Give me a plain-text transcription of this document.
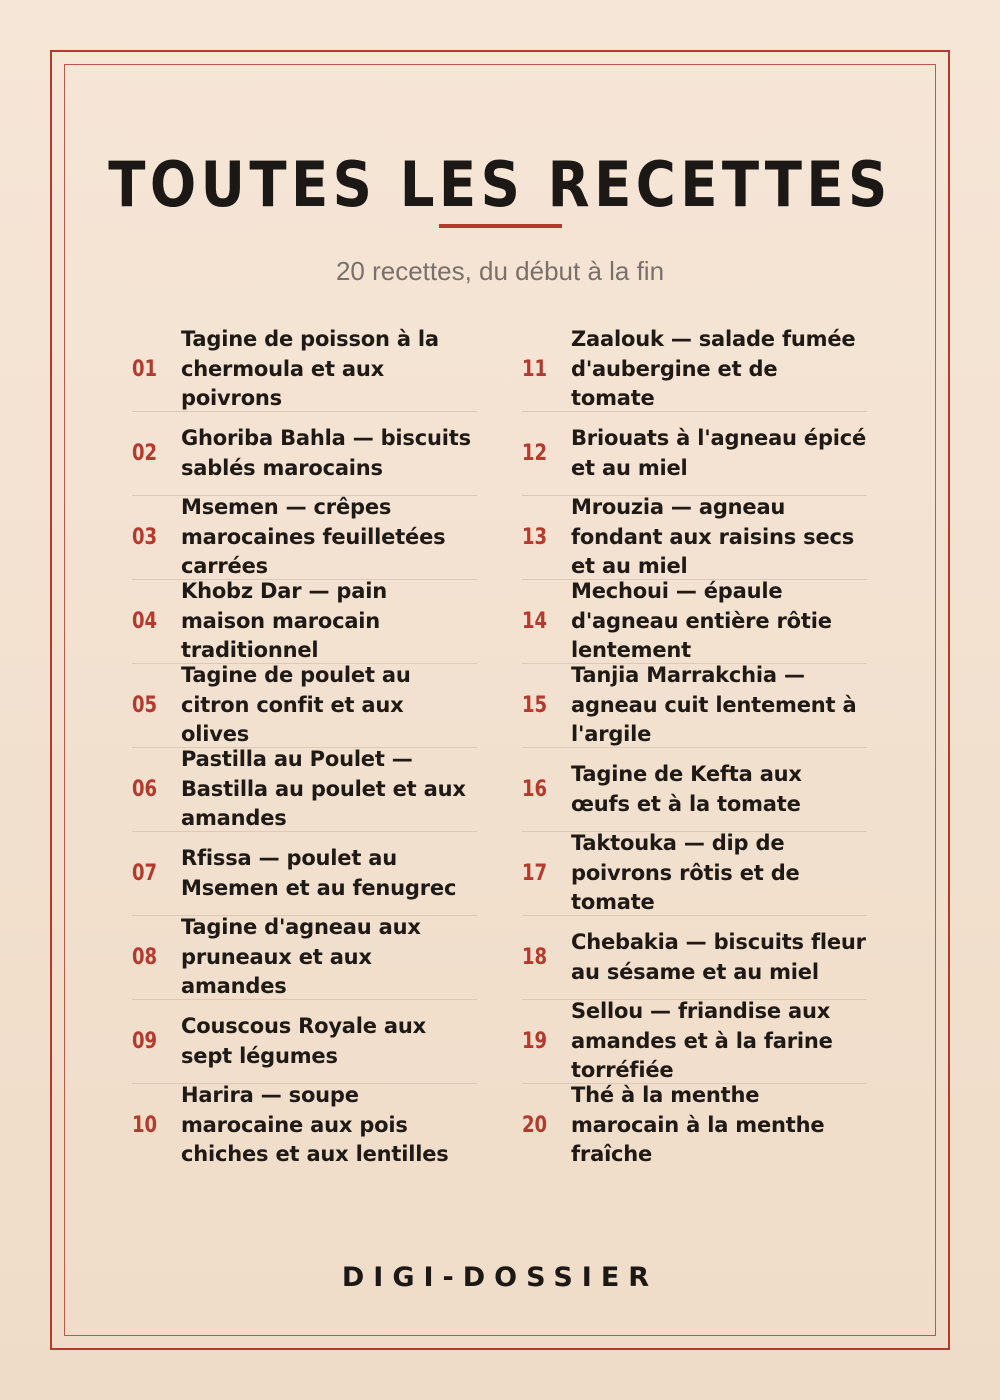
TOUTES LES RECETTES
20 recettes, du début à la fin
01
Tagine de poisson à la chermoula et aux poivrons
02
Ghoriba Bahla — biscuits sablés marocains
03
Msemen — crêpes marocaines feuilletées carrées
04
Khobz Dar — pain maison marocain traditionnel
05
Tagine de poulet au citron confit et aux olives
06
Pastilla au Poulet — Bastilla au poulet et aux amandes
07
Rfissa — poulet au Msemen et au fenugrec
08
Tagine d'agneau aux pruneaux et aux amandes
09
Couscous Royale aux sept légumes
10
Harira — soupe marocaine aux pois chiches et aux lentilles
11
Zaalouk — salade fumée d'aubergine et de tomate
12
Briouats à l'agneau épicé et au miel
13
Mrouzia — agneau fondant aux raisins secs et au miel
14
Mechoui — épaule d'agneau entière rôtie lentement
15
Tanjia Marrakchia — agneau cuit lentement à l'argile
16
Tagine de Kefta aux œufs et à la tomate
17
Taktouka — dip de poivrons rôtis et de tomate
18
Chebakia — biscuits fleur au sésame et au miel
19
Sellou — friandise aux amandes et à la farine torréfiée
20
Thé à la menthe marocain à la menthe fraîche
DIGI-DOSSIER
